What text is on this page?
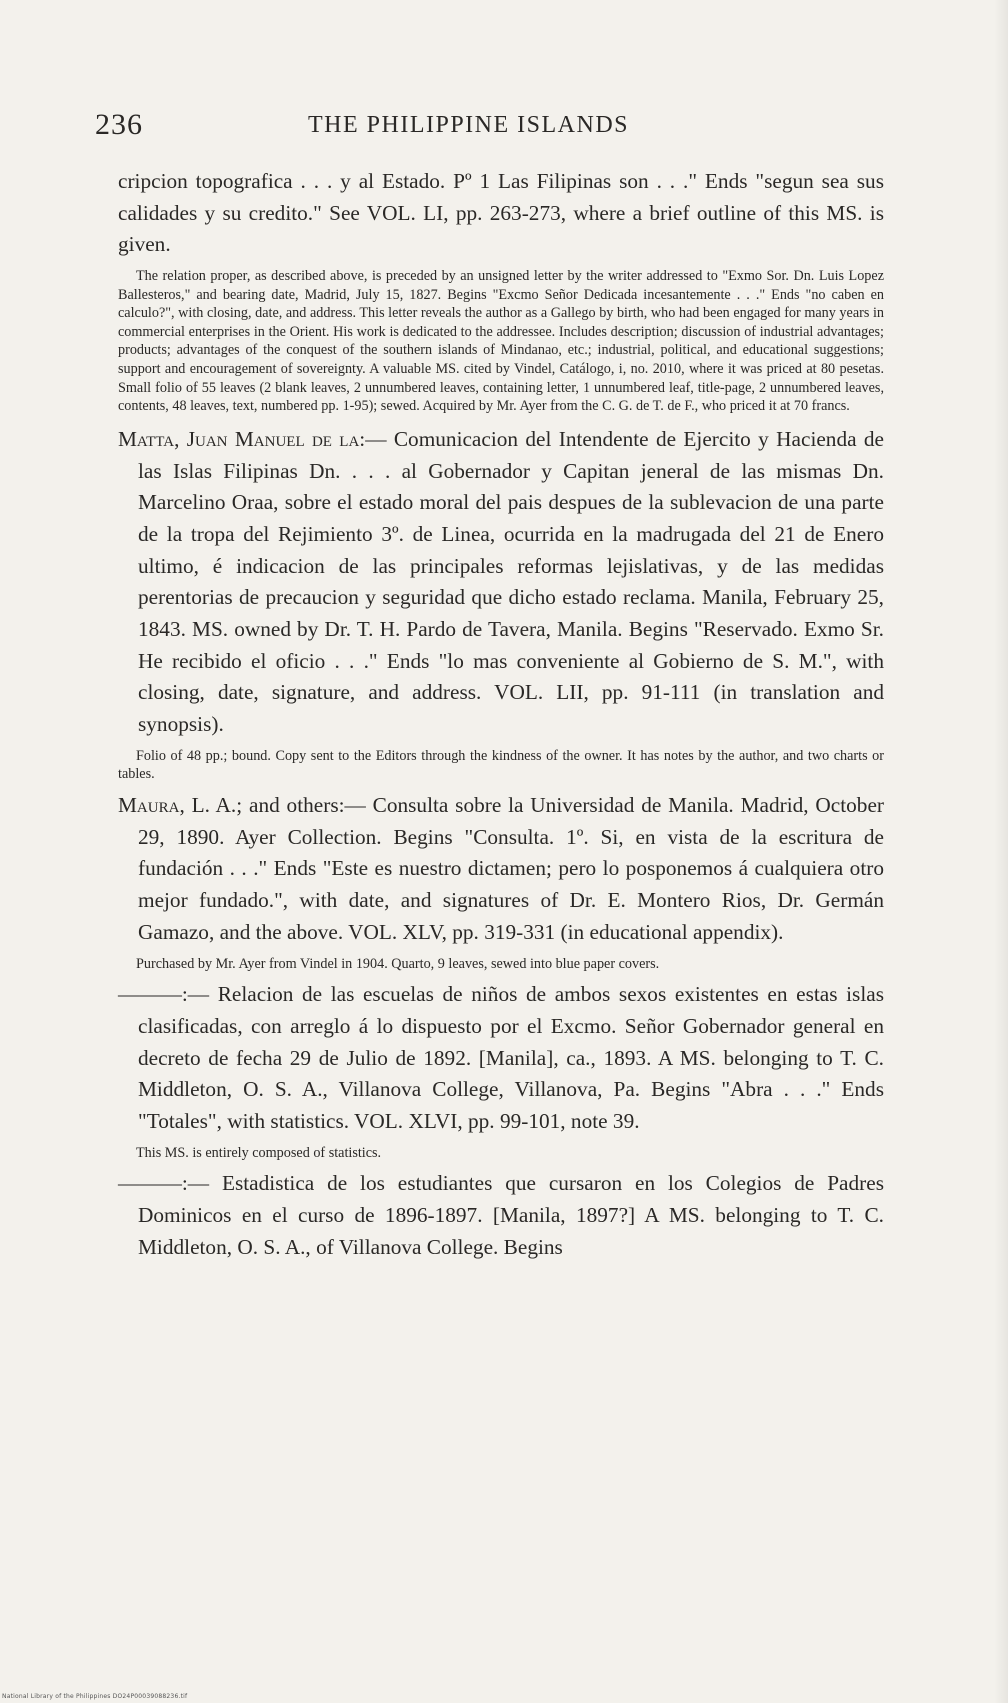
236	THE PHILIPPINE ISLANDS

cripcion topografica . . . y al Estado. Pº 1 Las Filipinas son . . ." Ends "segun sea sus calidades y su credito." See VOL. LI, pp. 263-273, where a brief outline of this MS. is given.

The relation proper, as described above, is preceded by an unsigned letter by the writer addressed to "Exmo Sor. Dn. Luis Lopez Ballesteros," and bearing date, Madrid, July 15, 1827. Begins "Excmo Señor Dedicada incesantemente . . ." Ends "no caben en calculo?", with closing, date, and address. This letter reveals the author as a Gallego by birth, who had been engaged for many years in commercial enterprises in the Orient. His work is dedicated to the addressee. Includes description; discussion of industrial advantages; products; advantages of the conquest of the southern islands of Mindanao, etc.; industrial, political, and educational suggestions; support and encouragement of sovereignty. A valuable MS. cited by Vindel, Catálogo, i, no. 2010, where it was priced at 80 pesetas. Small folio of 55 leaves (2 blank leaves, 2 unnumbered leaves, containing letter, 1 unnumbered leaf, title-page, 2 unnumbered leaves, contents, 48 leaves, text, numbered pp. 1-95); sewed. Acquired by Mr. Ayer from the C. G. de T. de F., who priced it at 70 francs.

Matta, Juan Manuel de la:— Comunicacion del Intendente de Ejercito y Hacienda de las Islas Filipinas Dn. . . . al Gobernador y Capitan jeneral de las mismas Dn. Marcelino Oraa, sobre el estado moral del pais despues de la sublevacion de una parte de la tropa del Rejimiento 3º. de Linea, ocurrida en la madrugada del 21 de Enero ultimo, é indicacion de las principales reformas lejislativas, y de las medidas perentorias de precaucion y seguridad que dicho estado reclama. Manila, February 25, 1843. MS. owned by Dr. T. H. Pardo de Tavera, Manila. Begins "Reservado. Exmo Sr. He recibido el oficio . . ." Ends "lo mas conveniente al Gobierno de S. M.", with closing, date, signature, and address. VOL. LII, pp. 91-111 (in translation and synopsis).

Folio of 48 pp.; bound. Copy sent to the Editors through the kindness of the owner. It has notes by the author, and two charts or tables.

Maura, L. A.; and others:— Consulta sobre la Universidad de Manila. Madrid, October 29, 1890. Ayer Collection. Begins "Consulta. 1º. Si, en vista de la escritura de fundación . . ." Ends "Este es nuestro dictamen; pero lo posponemos á cualquiera otro mejor fundado.", with date, and signatures of Dr. E. Montero Rios, Dr. Germán Gamazo, and the above. VOL. XLV, pp. 319-331 (in educational appendix).

Purchased by Mr. Ayer from Vindel in 1904. Quarto, 9 leaves, sewed into blue paper covers.

———:— Relacion de las escuelas de niños de ambos sexos existentes en estas islas clasificadas, con arreglo á lo dispuesto por el Excmo. Señor Gobernador general en decreto de fecha 29 de Julio de 1892. [Manila], ca., 1893. A MS. belonging to T. C. Middleton, O. S. A., Villanova College, Villanova, Pa. Begins "Abra . . ." Ends "Totales", with statistics. VOL. XLVI, pp. 99-101, note 39.

This MS. is entirely composed of statistics.

———:— Estadistica de los estudiantes que cursaron en los Colegios de Padres Dominicos en el curso de 1896-1897. [Manila, 1897?] A MS. belonging to T. C. Middleton, O. S. A., of Villanova College. Begins

National Library of the Philippines DO24P00039088236.tif
